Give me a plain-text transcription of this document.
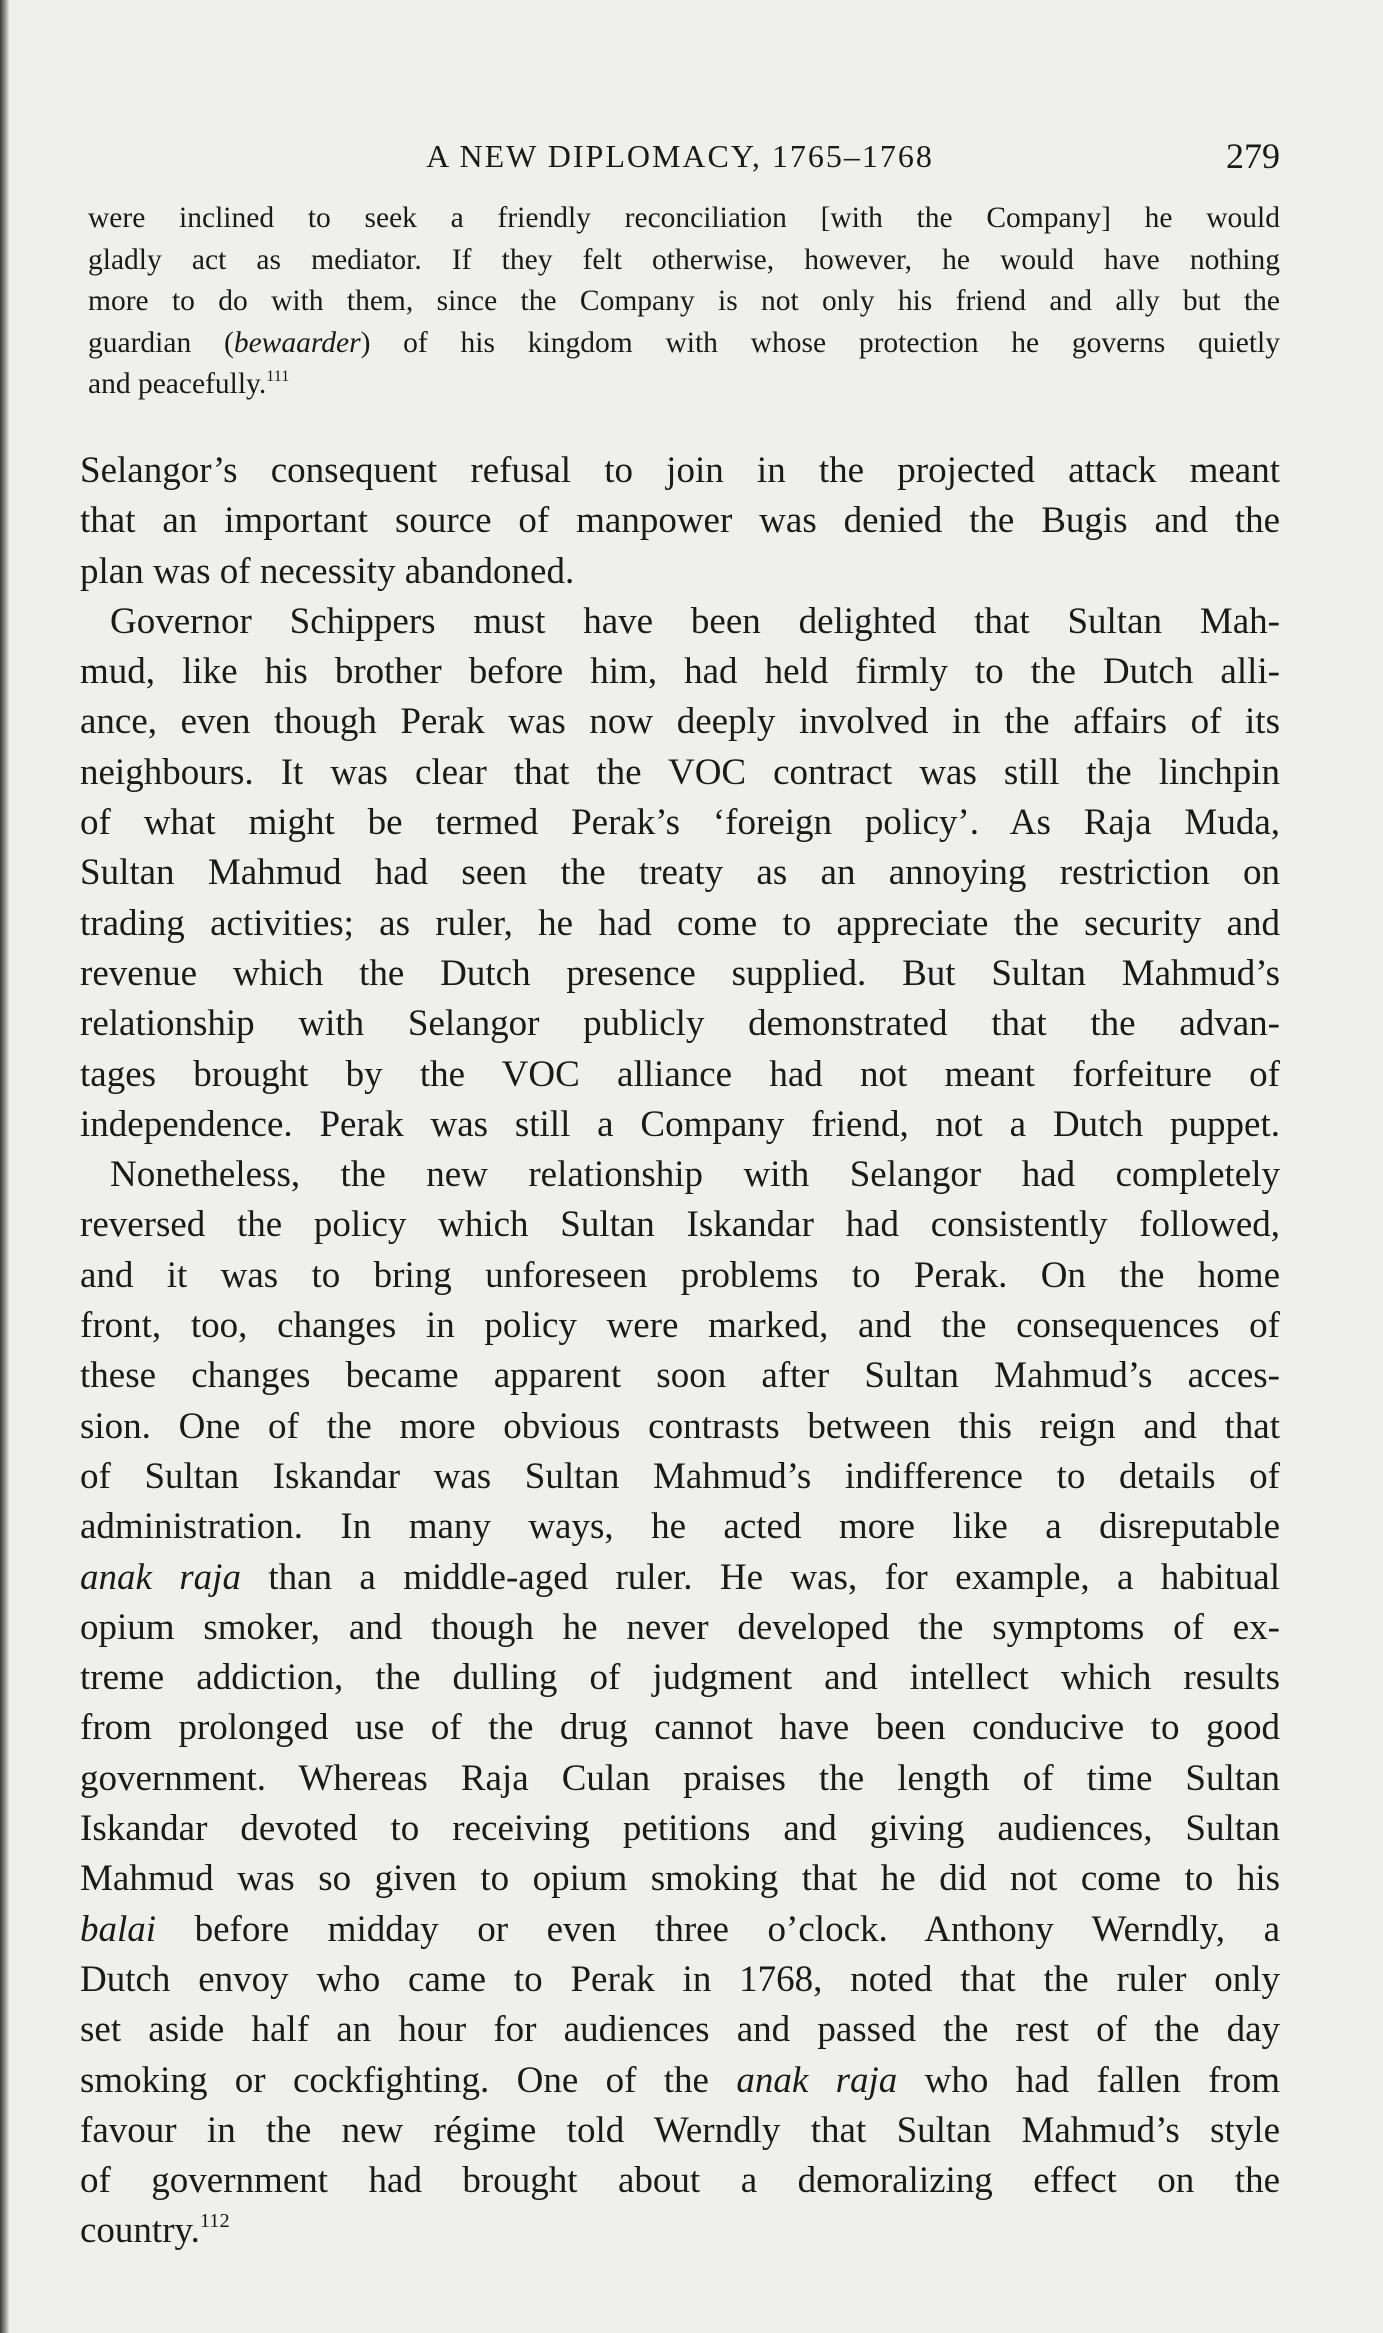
A NEW DIPLOMACY, 1765–1768	279
were inclined to seek a friendly reconciliation [with the Company] he would
gladly act as mediator. If they felt otherwise, however, he would have nothing
more to do with them, since the Company is not only his friend and ally but the
guardian (bewaarder) of his kingdom with whose protection he governs quietly
and peacefully.$^{111}$
Selangor’s consequent refusal to join in the projected attack meant
that an important source of manpower was denied the Bugis and the
plan was of necessity abandoned.
Governor Schippers must have been delighted that Sultan Mah-
mud, like his brother before him, had held firmly to the Dutch alli-
ance, even though Perak was now deeply involved in the affairs of its
neighbours. It was clear that the VOC contract was still the linchpin
of what might be termed Perak’s ‘foreign policy’. As Raja Muda,
Sultan Mahmud had seen the treaty as an annoying restriction on
trading activities; as ruler, he had come to appreciate the security and
revenue which the Dutch presence supplied. But Sultan Mahmud’s
relationship with Selangor publicly demonstrated that the advan-
tages brought by the VOC alliance had not meant forfeiture of
independence. Perak was still a Company friend, not a Dutch puppet.
Nonetheless, the new relationship with Selangor had completely
reversed the policy which Sultan Iskandar had consistently followed,
and it was to bring unforeseen problems to Perak. On the home
front, too, changes in policy were marked, and the consequences of
these changes became apparent soon after Sultan Mahmud’s acces-
sion. One of the more obvious contrasts between this reign and that
of Sultan Iskandar was Sultan Mahmud’s indifference to details of
administration. In many ways, he acted more like a disreputable
anak raja than a middle-aged ruler. He was, for example, a habitual
opium smoker, and though he never developed the symptoms of ex-
treme addiction, the dulling of judgment and intellect which results
from prolonged use of the drug cannot have been conducive to good
government. Whereas Raja Culan praises the length of time Sultan
Iskandar devoted to receiving petitions and giving audiences, Sultan
Mahmud was so given to opium smoking that he did not come to his
balai before midday or even three o’clock. Anthony Werndly, a
Dutch envoy who came to Perak in 1768, noted that the ruler only
set aside half an hour for audiences and passed the rest of the day
smoking or cockfighting. One of the anak raja who had fallen from
favour in the new régime told Werndly that Sultan Mahmud’s style
of government had brought about a demoralizing effect on the
country.$^{112}$
